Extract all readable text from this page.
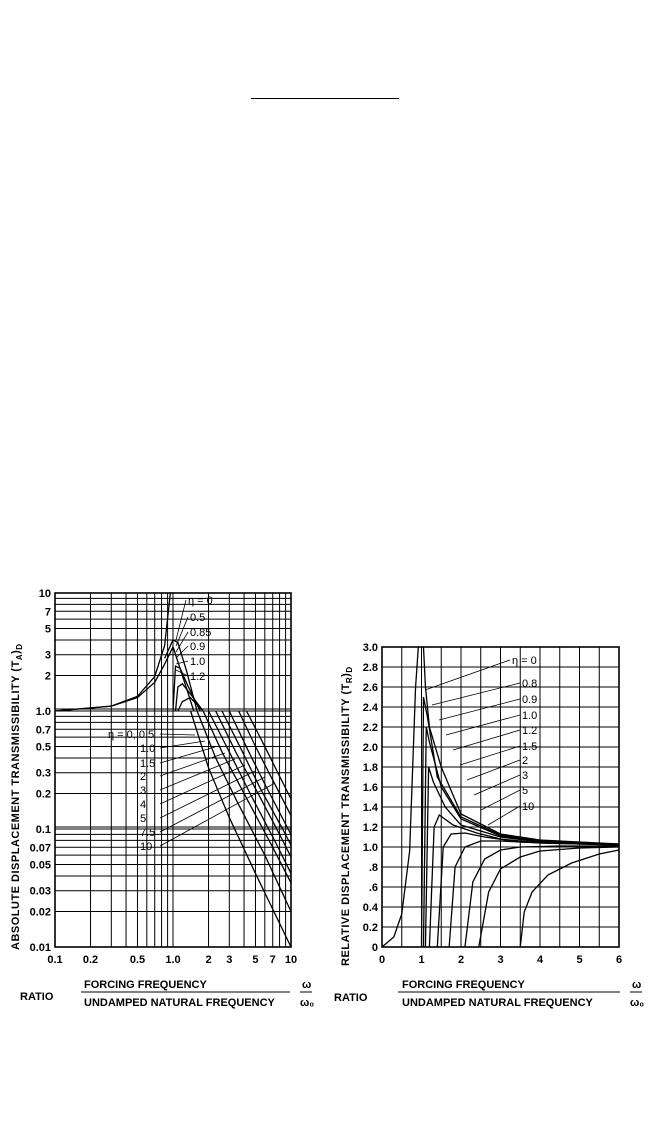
10
7
5
3
2
1.0
0.7
0.5
0.3
0.2
0.1
0.07
0.05
0.03
0.02
0.01
0.1 0.2	0.5 1.0 2 3 5 7 10
η = 0
0.5
0.85
0.9
1.0
1.2
η = 0, 0.5
1.0
1.5
2
3
4
5
7.5
10
3.0
2.8
2.6
2.4
2.2
2.0
1.8
1.6
1.4
1.2
1.0
.8
.6
0.4
0.2
0
0	1	2	3	4	5	6
η = 0
0.8
0.9
1.0
1.2
1.5
2
3
5
10
ABSOLUTE DISPLACEMENT TRANSMISSIBILITY $(T_A)_D$
RELATIVE DISPLACEMENT TRANSMISSIBILITY $(T_R)_D$
RATIO
FORCING FREQUENCY
UNDAMPED NATURAL FREQUENCY
ω
ω₀ RATIO
FORCING FREQUENCY
UNDAMPED NATURAL FREQUENCY
ω
ω₀
